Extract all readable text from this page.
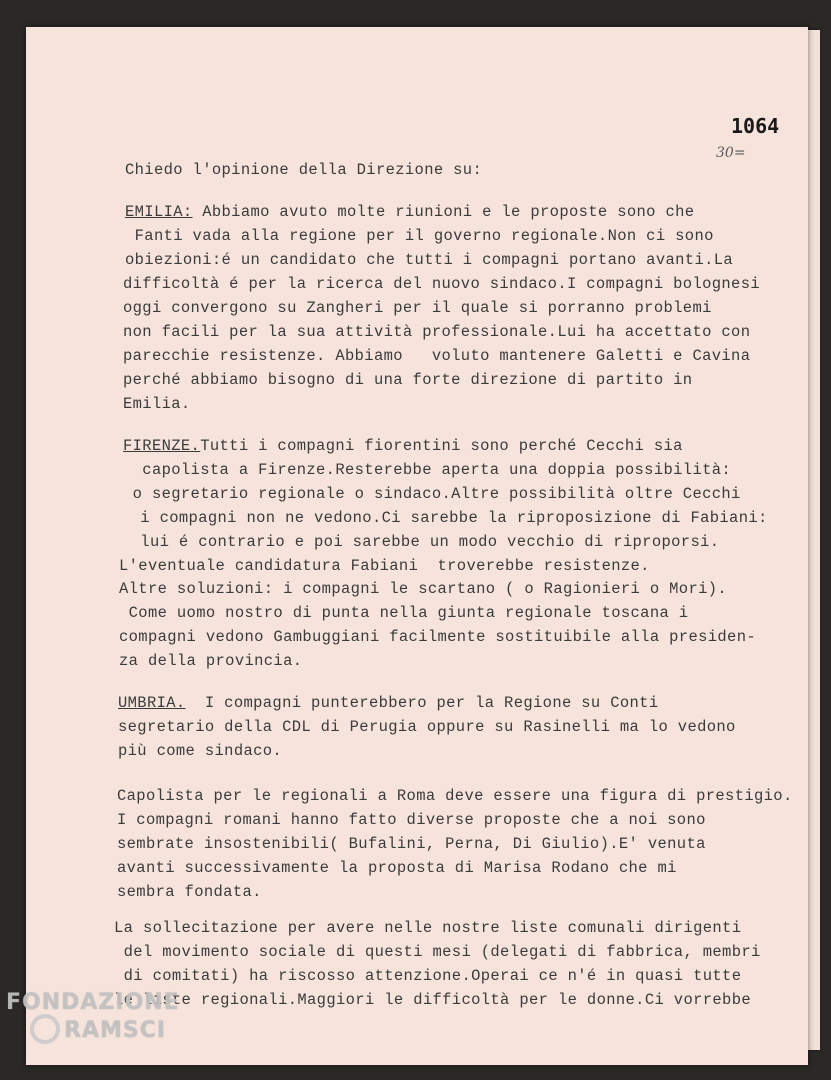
1064
30=
Chiedo l'opinione della Direzione su:
EMILIA: Abbiamo avuto molte riunioni e le proposte sono che
Fanti vada alla regione per il governo regionale.Non ci sono
obiezioni:é un candidato che tutti i compagni portano avanti.La
difficoltà é per la ricerca del nuovo sindaco.I compagni bolognesi
oggi convergono su Zangheri per il quale si porranno problemi
non facili per la sua attività professionale.Lui ha accettato con
parecchie resistenze. Abbiamo   voluto mantenere Galetti e Cavina
perché abbiamo bisogno di una forte direzione di partito in
Emilia.
FIRENZE.Tutti i compagni fiorentini sono perché Cecchi sia
capolista a Firenze.Resterebbe aperta una doppia possibilità:
o segretario regionale o sindaco.Altre possibilità oltre Cecchi
i compagni non ne vedono.Ci sarebbe la riproposizione di Fabiani:
lui é contrario e poi sarebbe un modo vecchio di riproporsi.
L'eventuale candidatura Fabiani  troverebbe resistenze.
Altre soluzioni: i compagni le scartano ( o Ragionieri o Mori).
Come uomo nostro di punta nella giunta regionale toscana i
compagni vedono Gambuggiani facilmente sostituibile alla presiden-
za della provincia.
UMBRIA.  I compagni punterebbero per la Regione su Conti
segretario della CDL di Perugia oppure su Rasinelli ma lo vedono
più come sindaco.
Capolista per le regionali a Roma deve essere una figura di prestigio.
I compagni romani hanno fatto diverse proposte che a noi sono
sembrate insostenibili( Bufalini, Perna, Di Giulio).E' venuta
avanti successivamente la proposta di Marisa Rodano che mi
sembra fondata.
La sollecitazione per avere nelle nostre liste comunali dirigenti
del movimento sociale di questi mesi (delegati di fabbrica, membri
di comitati) ha riscosso attenzione.Operai ce n'é in quasi tutte
le liste regionali.Maggiori le difficoltà per le donne.Ci vorrebbe
FONDAZIONE
RAMSCI
